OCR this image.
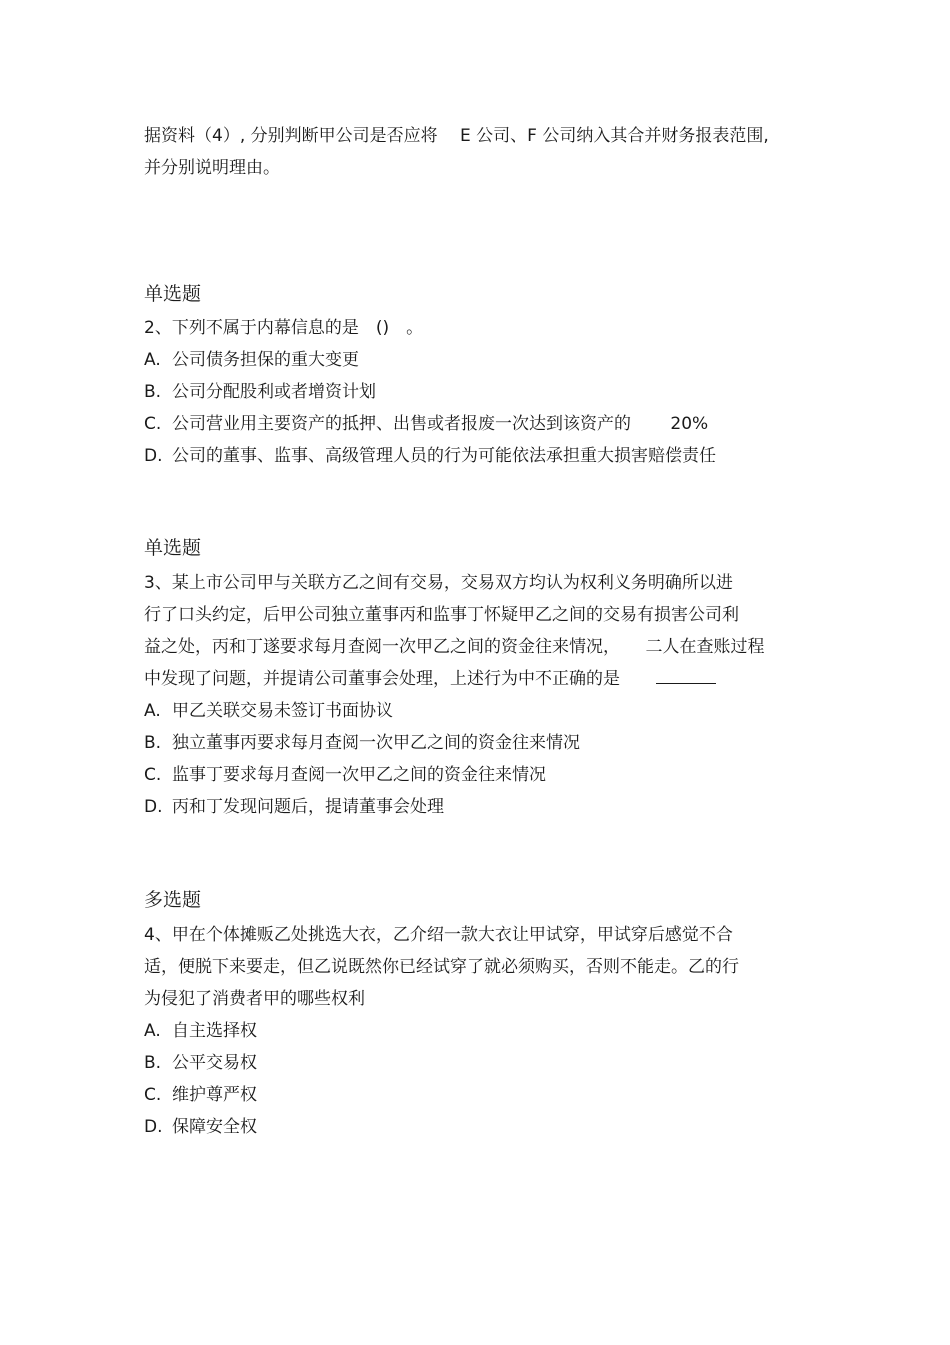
据资料（4）, 分别判断甲公司是否应将　 E 公司、F 公司纳入其合并财务报表范围,
并分别说明理由。
单选题
2、下列不属于内幕信息的是　()　。
A. 公司债务担保的重大变更
B. 公司分配股利或者增资计划
C. 公司营业用主要资产的抵押、出售或者报废一次达到该资产的　　 20%
D. 公司的董事、监事、高级管理人员的行为可能依法承担重大损害赔偿责任
单选题
3、某上市公司甲与关联方乙之间有交易，交易双方均认为权利义务明确所以进
行了口头约定，后甲公司独立董事丙和监事丁怀疑甲乙之间的交易有损害公司利
益之处，丙和丁遂要求每月查阅一次甲乙之间的资金往来情况，　　二人在查账过程
中发现了问题，并提请公司董事会处理，上述行为中不正确的是
A. 甲乙关联交易未签订书面协议
B. 独立董事丙要求每月查阅一次甲乙之间的资金往来情况
C. 监事丁要求每月查阅一次甲乙之间的资金往来情况
D. 丙和丁发现问题后，提请董事会处理
多选题
4、甲在个体摊贩乙处挑选大衣，乙介绍一款大衣让甲试穿，甲试穿后感觉不合
适，便脱下来要走，但乙说既然你已经试穿了就必须购买，否则不能走。乙的行
为侵犯了消费者甲的哪些权利
A. 自主选择权
B. 公平交易权
C. 维护尊严权
D. 保障安全权
